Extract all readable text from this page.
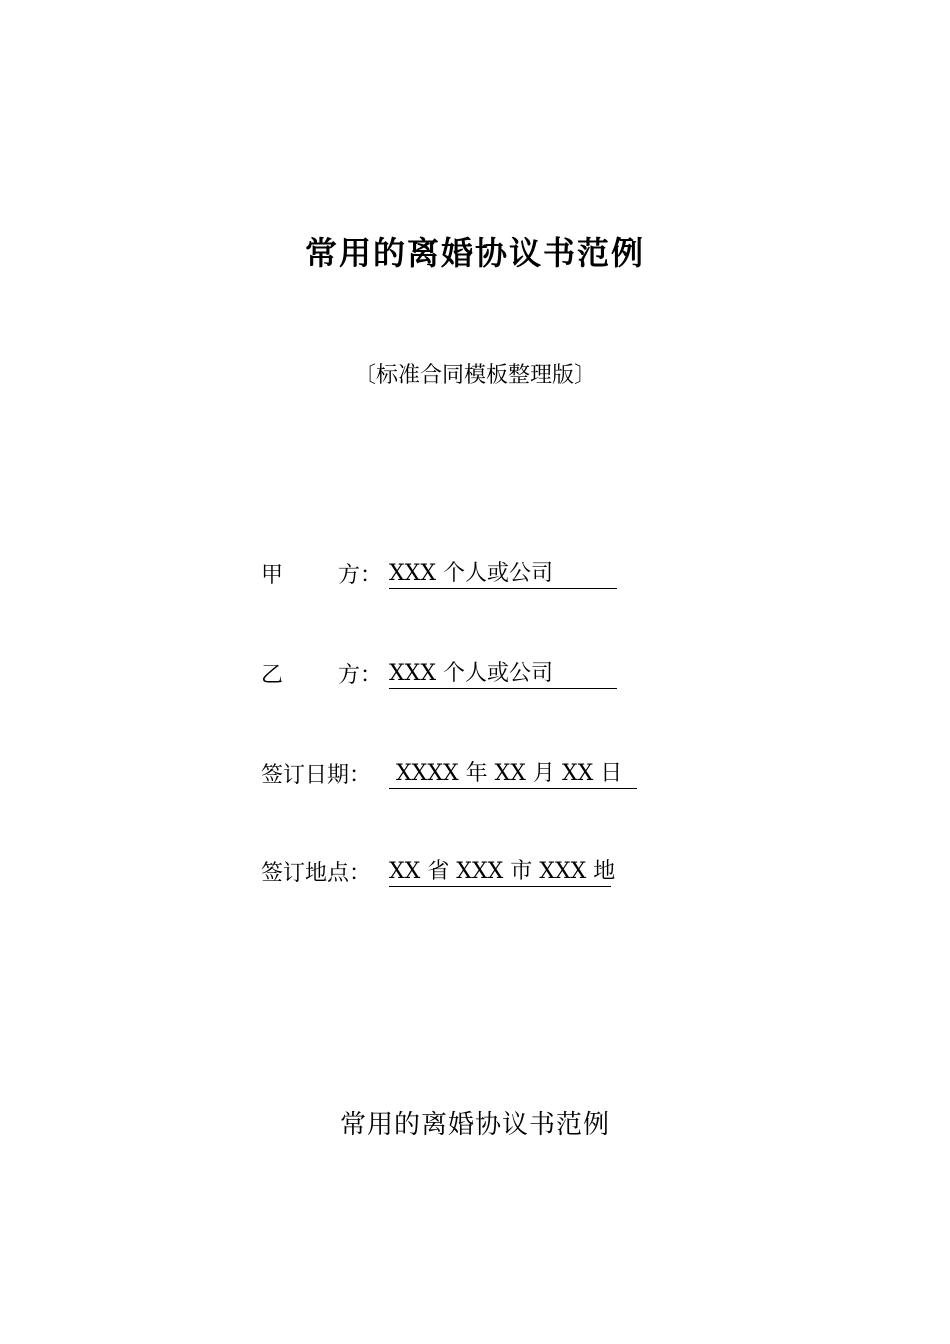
常用的离婚协议书范例
〔标准合同模板整理版〕
甲 方： XXX 个人或公司
乙 方： XXX 个人或公司
签订日期： XXXX 年 XX 月 XX 日
签订地点： XX 省 XXX 市 XXX 地
常用的离婚协议书范例
